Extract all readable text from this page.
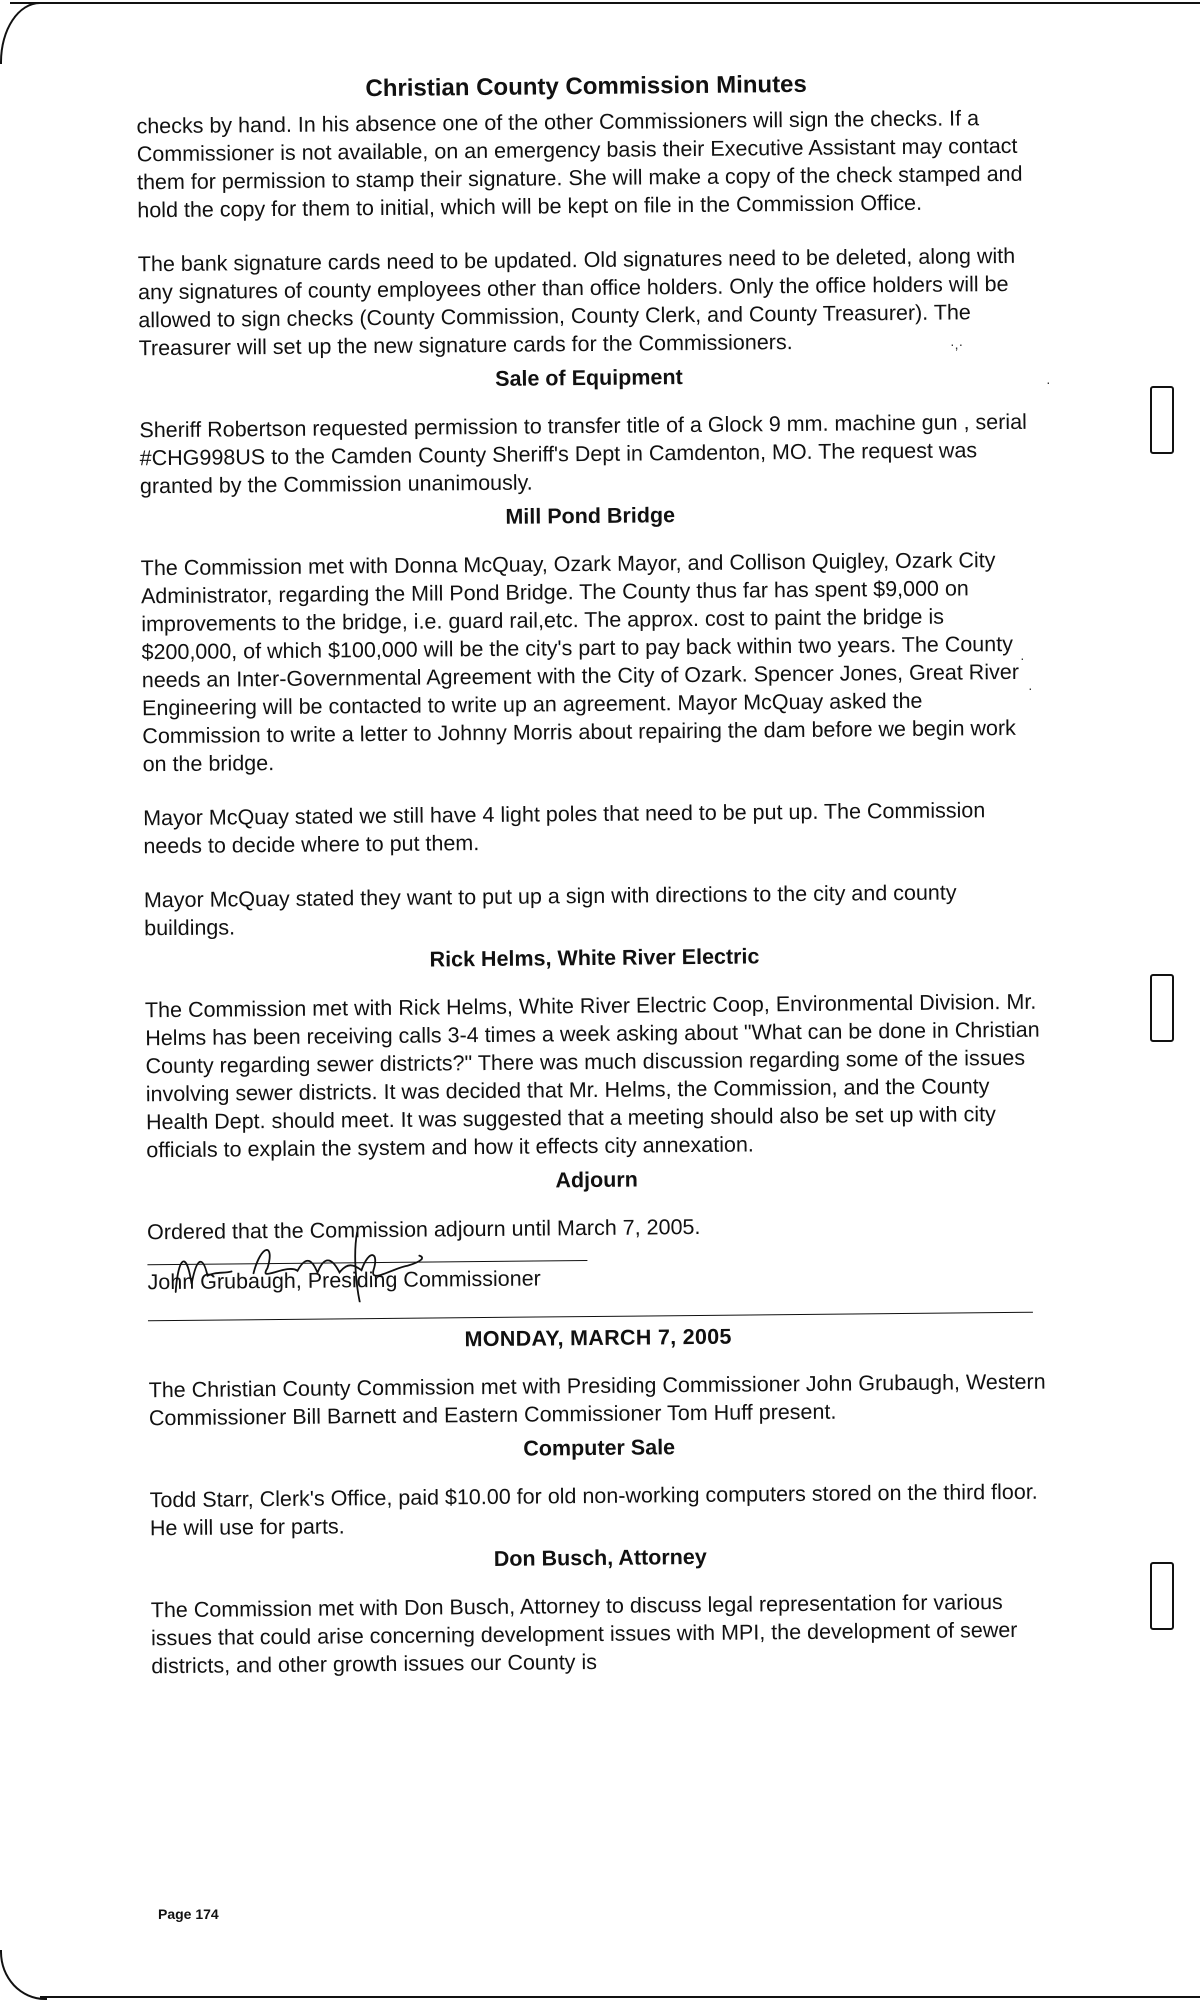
·,·
·
·
·
Christian County Commission Minutes

checks by hand. In his absence one of the other Commissioners will sign the checks. If a Commissioner is not available, on an emergency basis their Executive Assistant may contact them for permission to stamp their signature. She will make a copy of the check stamped and hold the copy for them to initial, which will be kept on file in the Commission Office.

The bank signature cards need to be updated. Old signatures need to be deleted, along with any signatures of county employees other than office holders. Only the office holders will be allowed to sign checks (County Commission, County Clerk, and County Treasurer). The Treasurer will set up the new signature cards for the Commissioners.

Sale of Equipment

Sheriff Robertson requested permission to transfer title of a Glock 9 mm. machine gun , serial #CHG998US to the Camden County Sheriff's Dept in Camdenton, MO. The request was granted by the Commission unanimously.

Mill Pond Bridge

The Commission met with Donna McQuay, Ozark Mayor, and Collison Quigley, Ozark City Administrator, regarding the Mill Pond Bridge. The County thus far has spent $9,000 on improvements to the bridge, i.e. guard rail,etc. The approx. cost to paint the bridge is $200,000, of which $100,000 will be the city's part to pay back within two years. The County needs an Inter-Governmental Agreement with the City of Ozark. Spencer Jones, Great River Engineering will be contacted to write up an agreement. Mayor McQuay asked the Commission to write a letter to Johnny Morris about repairing the dam before we begin work on the bridge.

Mayor McQuay stated we still have 4 light poles that need to be put up. The Commission needs to decide where to put them.

Mayor McQuay stated they want to put up a sign with directions to the city and county buildings.

Rick Helms, White River Electric

The Commission met with Rick Helms, White River Electric Coop, Environmental Division. Mr. Helms has been receiving calls 3-4 times a week asking about "What can be done in Christian County regarding sewer districts?" There was much discussion regarding some of the issues involving sewer districts. It was decided that Mr. Helms, the Commission, and the County Health Dept. should meet. It was suggested that a meeting should also be set up with city officials to explain the system and how it effects city annexation.

Adjourn

Ordered that the Commission adjourn until March 7, 2005.

John Grubaugh, Presiding Commissioner
MONDAY, MARCH 7, 2005

The Christian County Commission met with Presiding Commissioner John Grubaugh, Western Commissioner Bill Barnett and Eastern Commissioner Tom Huff present.

Computer Sale

Todd Starr, Clerk's Office, paid $10.00 for old non-working computers stored on the third floor. He will use for parts.

Don Busch, Attorney

The Commission met with Don Busch, Attorney to discuss legal representation for various issues that could arise concerning development issues with MPI, the development of sewer districts, and other growth issues our County is

Page 174
